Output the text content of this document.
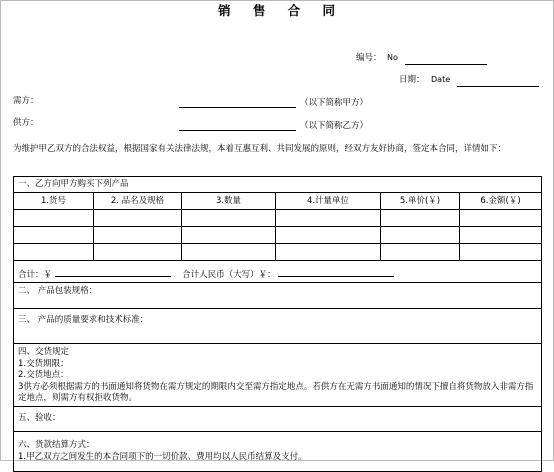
销 售 合 同
编号： No
日期： Date
需方：	（以下简称甲方）
供方：	（以下简称乙方）
为维护甲乙双方的合法权益，根据国家有关法律法规，本着互惠互利、共同发展的原则，经双方友好协商，签定本合同，详情如下：
一、乙方向甲方购买下列产品					
1.货号	2. 品名及规格	3.数量	4.计量单位	5.单价(￥)	6.金额(￥)

合计：￥ 合计人民币（大写）￥：					
二、 产品包装规格：					
三、 产品的质量要求和技术标准：					

四、交货规定
1.交货期限：
2.交货地点：
3供方必须根据需方的书面通知将货物在需方规定的期限内交至需方指定地点。若供方在无需方书面通知的情况下擅自将货物放入非需方指定地点，则需方有权拒收货物。					

五、验收：					

六、货款结算方式：
1.甲乙双方之间发生的本合同项下的一切价款、费用均以人民币结算及支付。					
